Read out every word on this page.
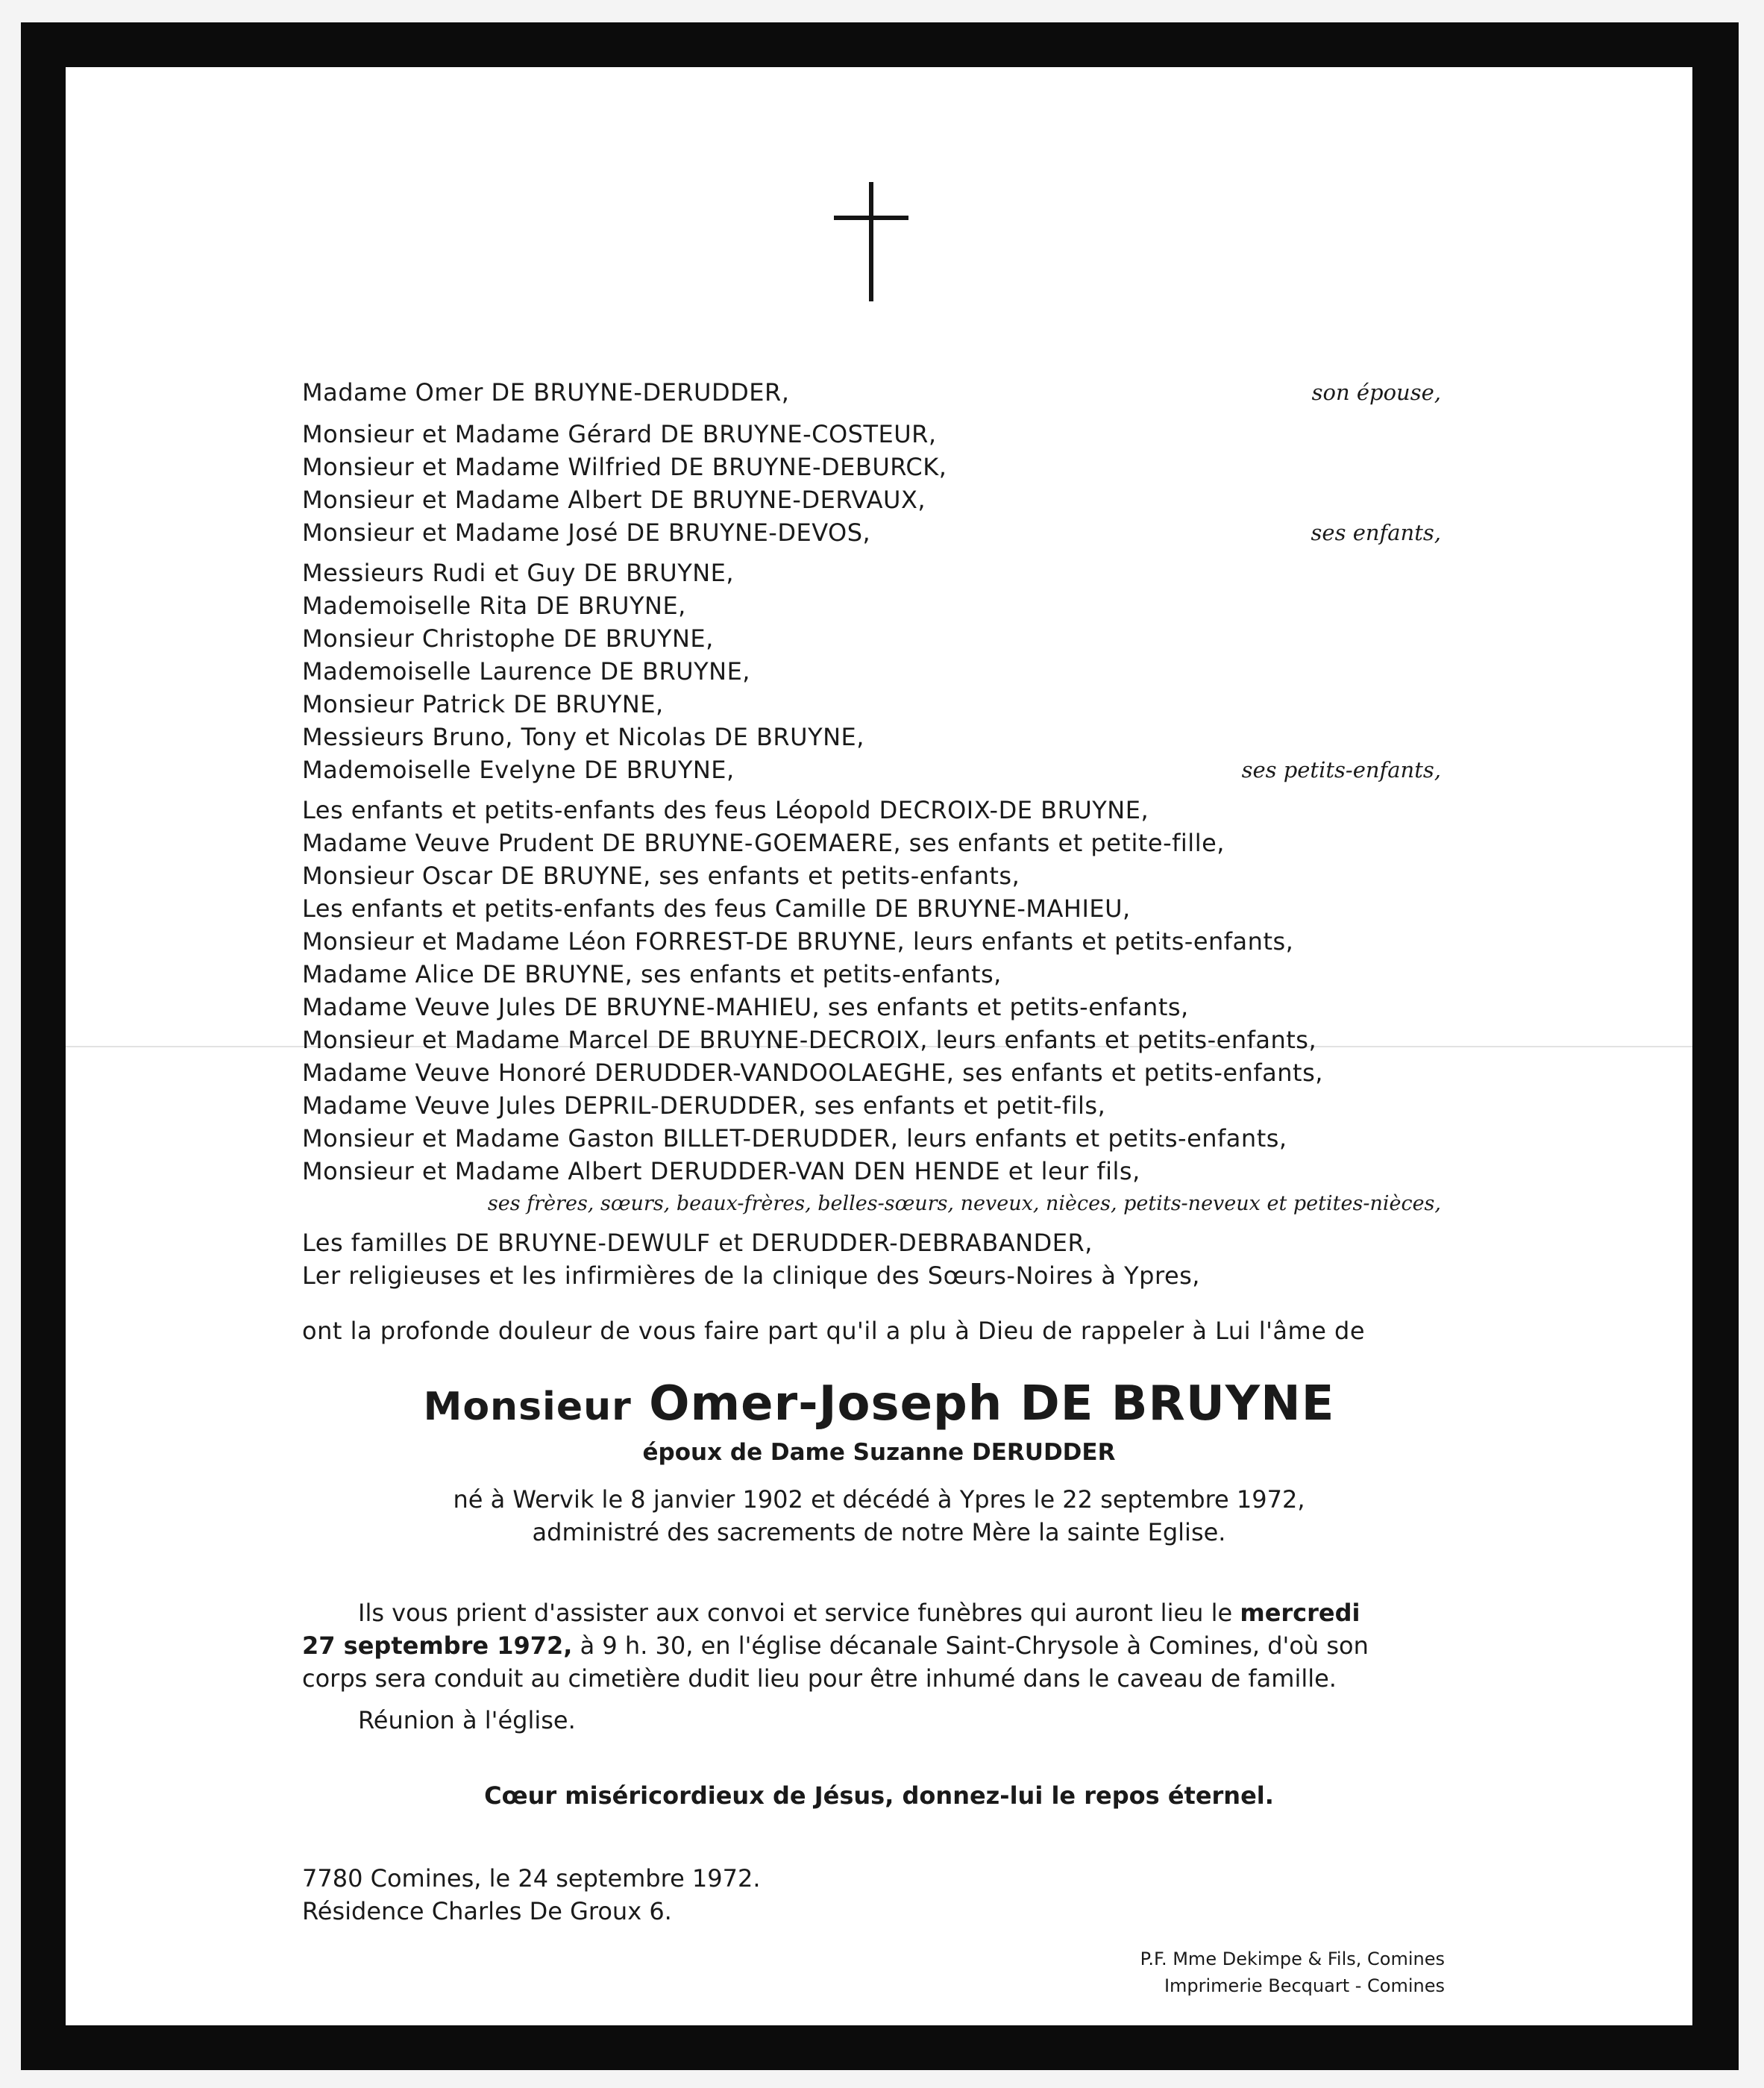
Madame Omer DE BRUYNE-DERUDDER,	son épouse,
Monsieur et Madame Gérard DE BRUYNE-COSTEUR,
Monsieur et Madame Wilfried DE BRUYNE-DEBURCK,
Monsieur et Madame Albert DE BRUYNE-DERVAUX,
Monsieur et Madame José DE BRUYNE-DEVOS,	ses enfants,
Messieurs Rudi et Guy DE BRUYNE,
Mademoiselle Rita DE BRUYNE,
Monsieur Christophe DE BRUYNE,
Mademoiselle Laurence DE BRUYNE,
Monsieur Patrick DE BRUYNE,
Messieurs Bruno, Tony et Nicolas DE BRUYNE,
Mademoiselle Evelyne DE BRUYNE,	ses petits-enfants,
Les enfants et petits-enfants des feus Léopold DECROIX-DE BRUYNE,
Madame Veuve Prudent DE BRUYNE-GOEMAERE, ses enfants et petite-fille,
Monsieur Oscar DE BRUYNE, ses enfants et petits-enfants,
Les enfants et petits-enfants des feus Camille DE BRUYNE-MAHIEU,
Monsieur et Madame Léon FORREST-DE BRUYNE, leurs enfants et petits-enfants,
Madame Alice DE BRUYNE, ses enfants et petits-enfants,
Madame Veuve Jules DE BRUYNE-MAHIEU, ses enfants et petits-enfants,
Monsieur et Madame Marcel DE BRUYNE-DECROIX, leurs enfants et petits-enfants,
Madame Veuve Honoré DERUDDER-VANDOOLAEGHE, ses enfants et petits-enfants,
Madame Veuve Jules DEPRIL-DERUDDER, ses enfants et petit-fils,
Monsieur et Madame Gaston BILLET-DERUDDER, leurs enfants et petits-enfants,
Monsieur et Madame Albert DERUDDER-VAN DEN HENDE et leur fils,
ses frères, sœurs, beaux-frères, belles-sœurs, neveux, nièces, petits-neveux et petites-nièces,
Les familles DE BRUYNE-DEWULF et DERUDDER-DEBRABANDER,
Ler religieuses et les infirmières de la clinique des Sœurs-Noires à Ypres,
ont la profonde douleur de vous faire part qu'il a plu à Dieu de rappeler à Lui l'âme de
Monsieur Omer-Joseph DE BRUYNE
époux de Dame Suzanne DERUDDER
né à Wervik le 8 janvier 1902 et décédé à Ypres le 22 septembre 1972,
administré des sacrements de notre Mère la sainte Eglise.
Ils vous prient d'assister aux convoi et service funèbres qui auront lieu le mercredi
27 septembre 1972, à 9 h. 30, en l'église décanale Saint-Chrysole à Comines, d'où son
corps sera conduit au cimetière dudit lieu pour être inhumé dans le caveau de famille.
Réunion à l'église.
Cœur miséricordieux de Jésus, donnez-lui le repos éternel.
7780 Comines, le 24 septembre 1972.
Résidence Charles De Groux 6.
P.F. Mme Dekimpe & Fils, Comines
Imprimerie Becquart - Comines
